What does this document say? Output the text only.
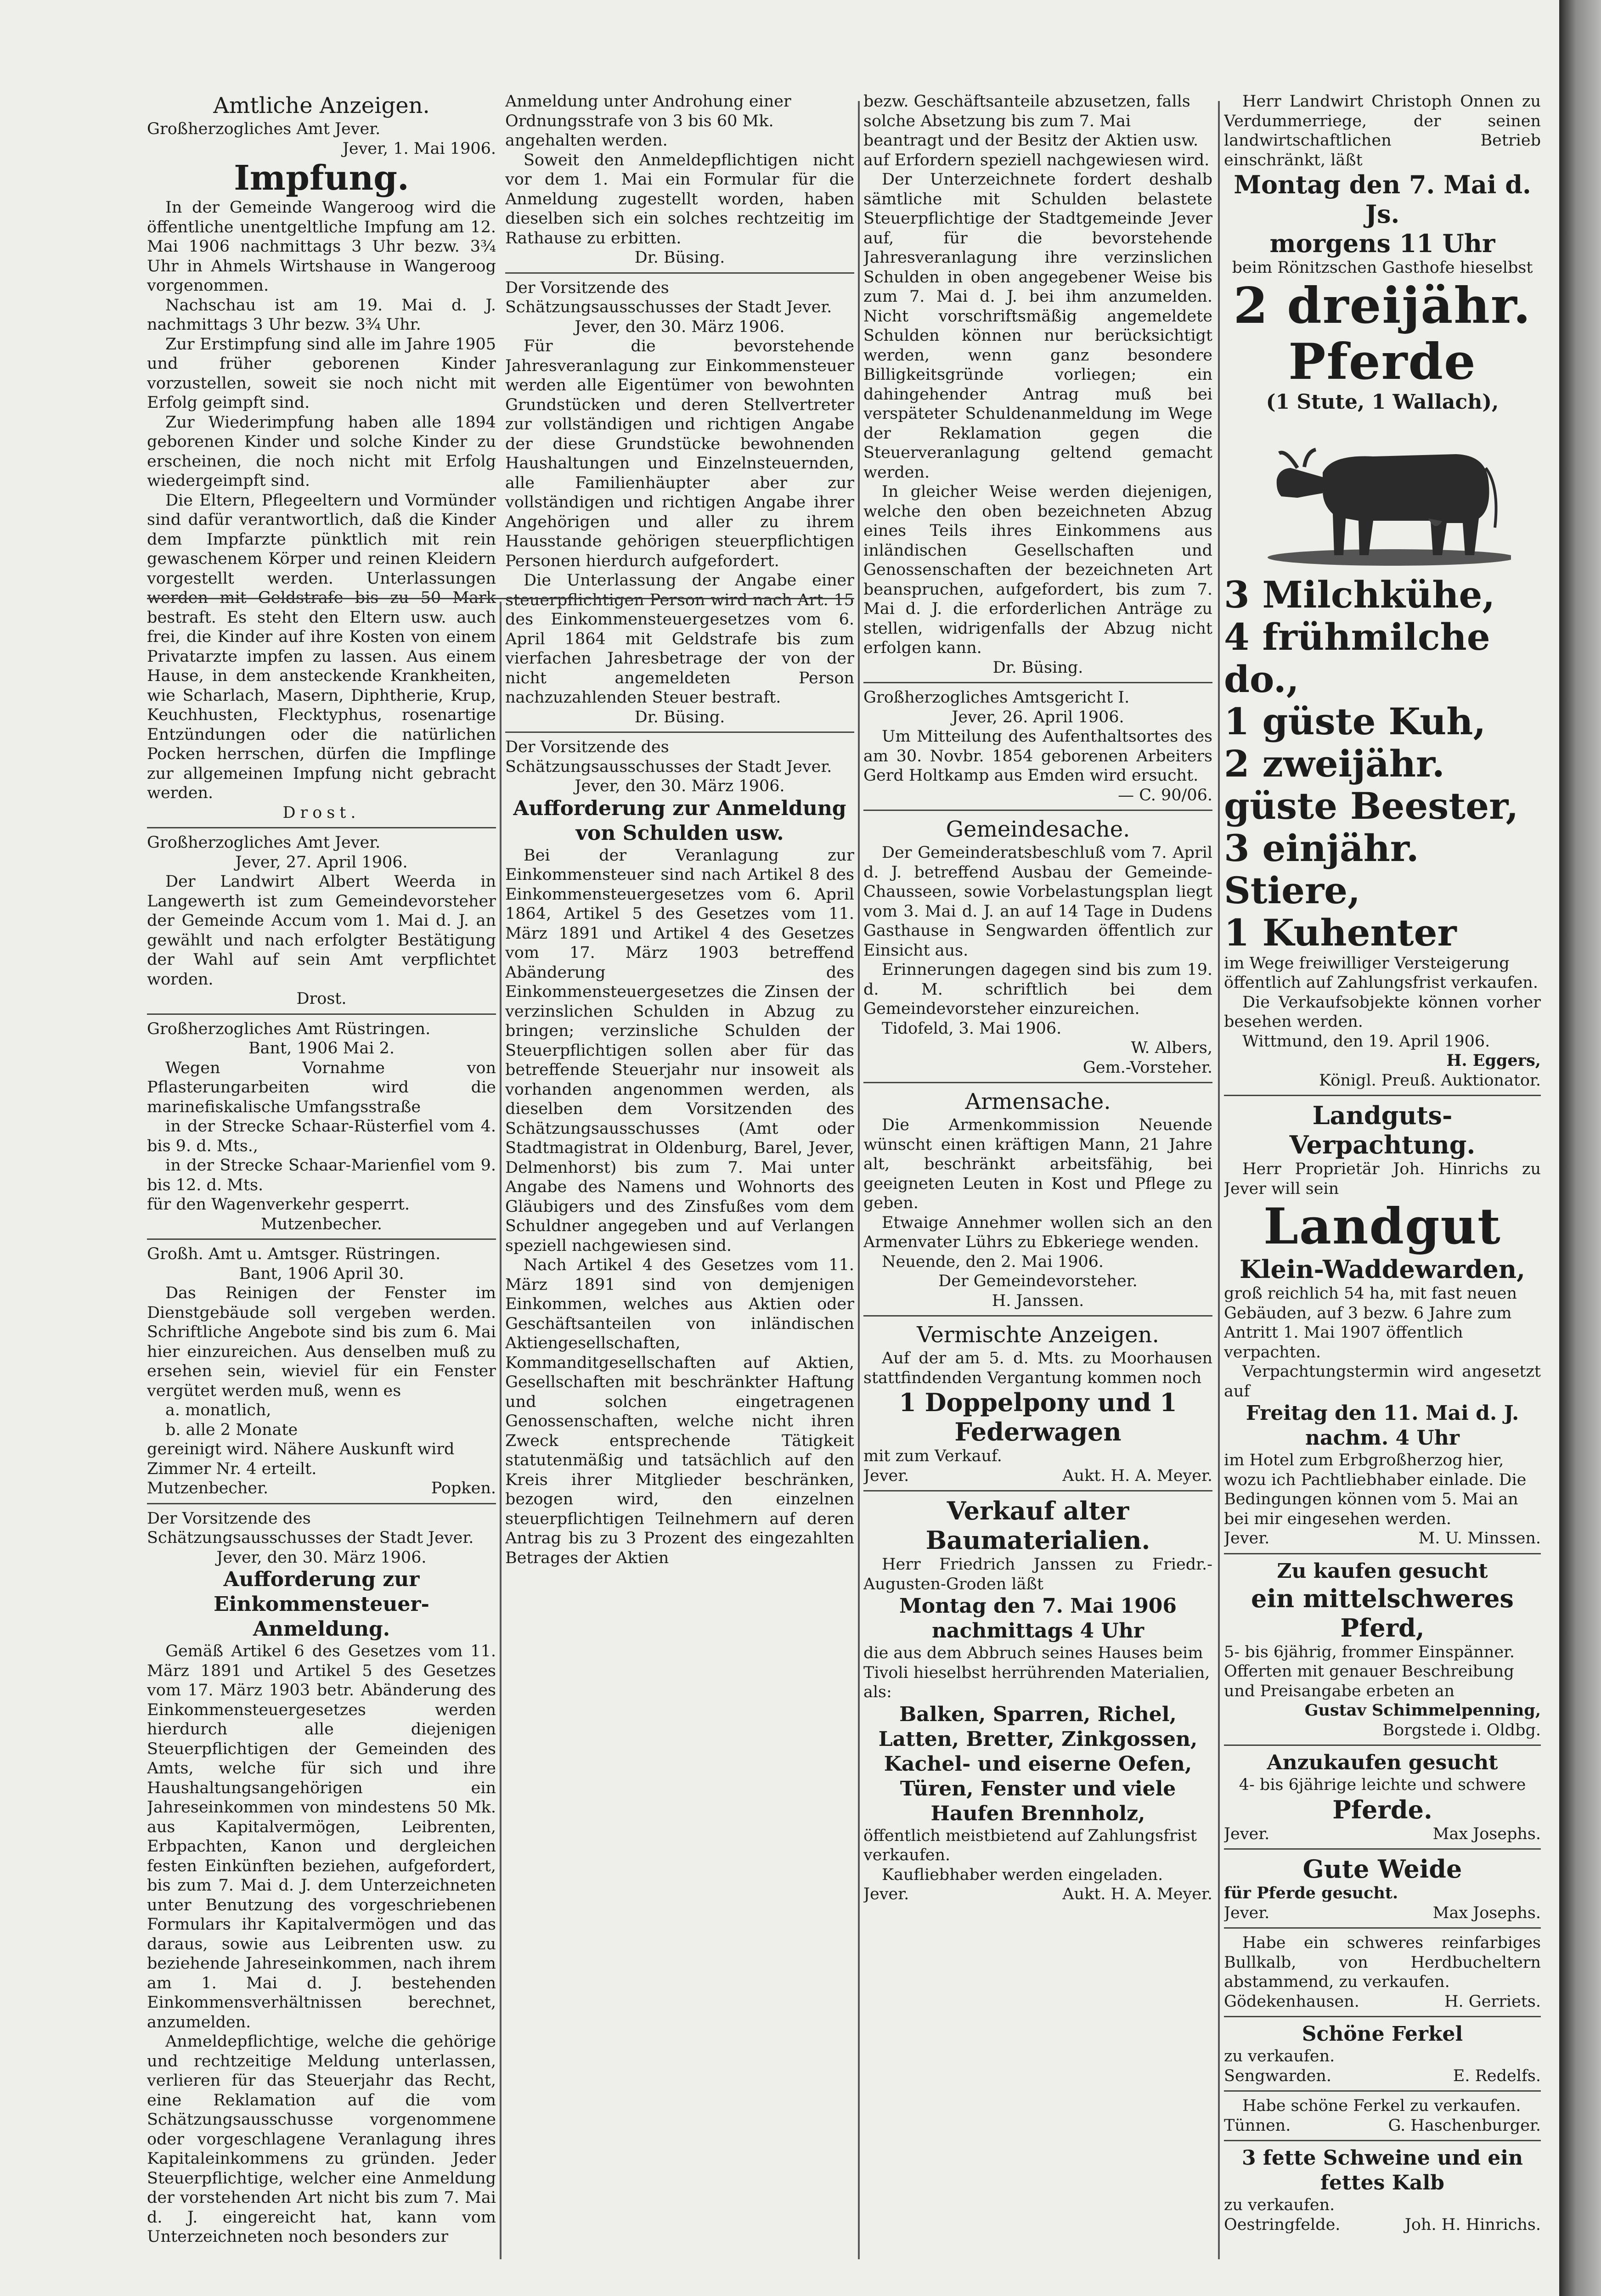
Amtliche Anzeigen.

Großherzogliches Amt Jever.

Jever, 1. Mai 1906.

Impfung.

In der Gemeinde Wangeroog wird die öffentliche unentgeltliche Impfung am 12. Mai 1906 nachmittags 3 Uhr bezw. 3¾ Uhr in Ahmels Wirtshause in Wangeroog vorgenommen.

Nachschau ist am 19. Mai d. J. nachmittags 3 Uhr bezw. 3¾ Uhr.

Zur Erstimpfung sind alle im Jahre 1905 und früher geborenen Kinder vorzustellen, soweit sie noch nicht mit Erfolg geimpft sind.

Zur Wiederimpfung haben alle 1894 geborenen Kinder und solche Kinder zu erscheinen, die noch nicht mit Erfolg wiedergeimpft sind.

Die Eltern, Pflegeeltern und Vormünder sind dafür verantwortlich, daß die Kinder dem Impfarzte pünktlich mit rein gewaschenem Körper und reinen Kleidern vorgestellt werden. Unterlassungen werden mit Geldstrafe bis zu 50 Mark bestraft. Es steht den Eltern usw. auch frei, die Kinder auf ihre Kosten von einem Privatarzte impfen zu lassen. Aus einem Hause, in dem ansteckende Krankheiten, wie Scharlach, Masern, Diphtherie, Krup, Keuchhusten, Flecktyphus, rosenartige Entzündungen oder die natürlichen Pocken herrschen, dürfen die Impflinge zur allgemeinen Impfung nicht gebracht werden.

Drost.

Großherzogliches Amt Jever.

Jever, 27. April 1906.

Der Landwirt Albert Weerda in Langewerth ist zum Gemeindevorsteher der Gemeinde Accum vom 1. Mai d. J. an gewählt und nach erfolgter Bestätigung der Wahl auf sein Amt verpflichtet worden.

Drost.

Großherzogliches Amt Rüstringen.

Bant, 1906 Mai 2.

Wegen Vornahme von Pflasterungarbeiten wird die marinefiskalische Umfangsstraße

in der Strecke Schaar-Rüsterfiel vom 4. bis 9. d. Mts.,

in der Strecke Schaar-Marienfiel vom 9. bis 12. d. Mts.

für den Wagenverkehr gesperrt.

Mutzenbecher.

Großh. Amt u. Amtsger. Rüstringen.

Bant, 1906 April 30.

Das Reinigen der Fenster im Dienstgebäude soll vergeben werden. Schriftliche Angebote sind bis zum 6. Mai hier einzureichen. Aus denselben muß zu ersehen sein, wieviel für ein Fenster vergütet werden muß, wenn es

a. monatlich,

b. alle 2 Monate

gereinigt wird. Nähere Auskunft wird Zimmer Nr. 4 erteilt.

Mutzenbecher.	Popken.

Der Vorsitzende des Schätzungsausschusses der Stadt Jever.

Jever, den 30. März 1906.

Aufforderung zur Einkommensteuer-Anmeldung.

Gemäß Artikel 6 des Gesetzes vom 11. März 1891 und Artikel 5 des Gesetzes vom 17. März 1903 betr. Abänderung des Einkommensteuergesetzes werden hierdurch alle diejenigen Steuerpflichtigen der Gemeinden des Amts, welche für sich und ihre Haushaltungsangehörigen ein Jahreseinkommen von mindestens 50 Mk. aus Kapitalvermögen, Leibrenten, Erbpachten, Kanon und dergleichen festen Einkünften beziehen, aufgefordert, bis zum 7. Mai d. J. dem Unterzeichneten unter Benutzung des vorgeschriebenen Formulars ihr Kapitalvermögen und das daraus, sowie aus Leibrenten usw. zu beziehende Jahreseinkommen, nach ihrem am 1. Mai d. J. bestehenden Einkommensverhältnissen berechnet, anzumelden.

Anmeldepflichtige, welche die gehörige und rechtzeitige Meldung unterlassen, verlieren für das Steuerjahr das Recht, eine Reklamation auf die vom Schätzungsausschusse vorgenommene oder vorgeschlagene Veranlagung ihres Kapitaleinkommens zu gründen. Jeder Steuerpflichtige, welcher eine Anmeldung der vorstehenden Art nicht bis zum 7. Mai d. J. eingereicht hat, kann vom Unterzeichneten noch besonders zur

Anmeldung unter Androhung einer Ordnungsstrafe von 3 bis 60 Mk. angehalten werden.

Soweit den Anmeldepflichtigen nicht vor dem 1. Mai ein Formular für die Anmeldung zugestellt worden, haben dieselben sich ein solches rechtzeitig im Rathause zu erbitten.

Dr. Büsing.

Der Vorsitzende des Schätzungsausschusses der Stadt Jever.

Jever, den 30. März 1906.

Für die bevorstehende Jahresveranlagung zur Einkommensteuer werden alle Eigentümer von bewohnten Grundstücken und deren Stellvertreter zur vollständigen und richtigen Angabe der diese Grundstücke bewohnenden Haushaltungen und Einzelnsteuernden, alle Familienhäupter aber zur vollständigen und richtigen Angabe ihrer Angehörigen und aller zu ihrem Hausstande gehörigen steuerpflichtigen Personen hierdurch aufgefordert.

Die Unterlassung der Angabe einer steuerpflichtigen Person wird nach Art. 15 des Einkommensteuergesetzes vom 6. April 1864 mit Geldstrafe bis zum vierfachen Jahresbetrage der von der nicht angemeldeten Person nachzuzahlenden Steuer bestraft.

Dr. Büsing.

Der Vorsitzende des Schätzungsausschusses der Stadt Jever.

Jever, den 30. März 1906.

Aufforderung zur Anmeldung von Schulden usw.

Bei der Veranlagung zur Einkommensteuer sind nach Artikel 8 des Einkommensteuergesetzes vom 6. April 1864, Artikel 5 des Gesetzes vom 11. März 1891 und Artikel 4 des Gesetzes vom 17. März 1903 betreffend Abänderung des Einkommensteuergesetzes die Zinsen der verzinslichen Schulden in Abzug zu bringen; verzinsliche Schulden der Steuerpflichtigen sollen aber für das betreffende Steuerjahr nur insoweit als vorhanden angenommen werden, als dieselben dem Vorsitzenden des Schätzungsausschusses (Amt oder Stadtmagistrat in Oldenburg, Barel, Jever, Delmenhorst) bis zum 7. Mai unter Angabe des Namens und Wohnorts des Gläubigers und des Zinsfußes vom dem Schuldner angegeben und auf Verlangen speziell nachgewiesen sind.

Nach Artikel 4 des Gesetzes vom 11. März 1891 sind von demjenigen Einkommen, welches aus Aktien oder Geschäftsanteilen von inländischen Aktiengesellschaften, Kommanditgesellschaften auf Aktien, Gesellschaften mit beschränkter Haftung und solchen eingetragenen Genossenschaften, welche nicht ihren Zweck entsprechende Tätigkeit statutenmäßig und tatsächlich auf den Kreis ihrer Mitglieder beschränken, bezogen wird, den einzelnen steuerpflichtigen Teilnehmern auf deren Antrag bis zu 3 Prozent des eingezahlten Betrages der Aktien

bezw. Geschäftsanteile abzusetzen, falls solche Absetzung bis zum 7. Mai beantragt und der Besitz der Aktien usw. auf Erfordern speziell nachgewiesen wird.

Der Unterzeichnete fordert deshalb sämtliche mit Schulden belastete Steuerpflichtige der Stadtgemeinde Jever auf, für die bevorstehende Jahresveranlagung ihre verzinslichen Schulden in oben angegebener Weise bis zum 7. Mai d. J. bei ihm anzumelden. Nicht vorschriftsmäßig angemeldete Schulden können nur berücksichtigt werden, wenn ganz besondere Billigkeitsgründe vorliegen; ein dahingehender Antrag muß bei verspäteter Schuldenanmeldung im Wege der Reklamation gegen die Steuerveranlagung geltend gemacht werden.

In gleicher Weise werden diejenigen, welche den oben bezeichneten Abzug eines Teils ihres Einkommens aus inländischen Gesellschaften und Genossenschaften der bezeichneten Art beanspruchen, aufgefordert, bis zum 7. Mai d. J. die erforderlichen Anträge zu stellen, widrigenfalls der Abzug nicht erfolgen kann.

Dr. Büsing.

Großherzogliches Amtsgericht I.

Jever, 26. April 1906.

Um Mitteilung des Aufenthaltsortes des am 30. Novbr. 1854 geborenen Arbeiters Gerd Holtkamp aus Emden wird ersucht.

— C. 90/06.

Gemeindesache.

Der Gemeinderatsbeschluß vom 7. April d. J. betreffend Ausbau der Gemeinde-Chausseen, sowie Vorbelastungsplan liegt vom 3. Mai d. J. an auf 14 Tage in Dudens Gasthause in Sengwarden öffentlich zur Einsicht aus.

Erinnerungen dagegen sind bis zum 19. d. M. schriftlich bei dem Gemeindevorsteher einzureichen.

Tidofeld, 3. Mai 1906.

W. Albers,

Gem.-Vorsteher.

Armensache.

Die Armenkommission Neuende wünscht einen kräftigen Mann, 21 Jahre alt, beschränkt arbeitsfähig, bei geeigneten Leuten in Kost und Pflege zu geben.

Etwaige Annehmer wollen sich an den Armenvater Lührs zu Ebkeriege wenden.

Neuende, den 2. Mai 1906.

Der Gemeindevorsteher.

H. Janssen.

Vermischte Anzeigen.

Auf der am 5. d. Mts. zu Moorhausen stattfindenden Vergantung kommen noch

1 Doppelpony und 1 Federwagen

mit zum Verkauf.

Jever.	Aukt. H. A. Meyer.

Verkauf alter Baumaterialien.

Herr Friedrich Janssen zu Friedr.-Augusten-Groden läßt

Montag den 7. Mai 1906 nachmittags 4 Uhr

die aus dem Abbruch seines Hauses beim Tivoli hieselbst herrührenden Materialien, als:

Balken, Sparren, Richel, Latten, Bretter, Zinkgossen, Kachel- und eiserne Oefen, Türen, Fenster und viele Haufen Brennholz,

öffentlich meistbietend auf Zahlungsfrist verkaufen.

Kaufliebhaber werden eingeladen.

Jever.	Aukt. H. A. Meyer.

Herr Landwirt Christoph Onnen zu Verdummerriege, der seinen landwirtschaftlichen Betrieb einschränkt, läßt

Montag den 7. Mai d. Js.

morgens 11 Uhr

beim Rönitzschen Gasthofe hieselbst

2 dreijähr. Pferde

(1 Stute, 1 Wallach),

3 Milchkühe,

4 frühmilche do.,

1 güste Kuh,

2 zweijähr. güste Beester,

3 einjähr. Stiere,

1 Kuhenter

im Wege freiwilliger Versteigerung öffentlich auf Zahlungsfrist verkaufen.

Die Verkaufsobjekte können vorher besehen werden.

Wittmund, den 19. April 1906.

H. Eggers,

Königl. Preuß. Auktionator.

Landguts-Verpachtung.

Herr Proprietär Joh. Hinrichs zu Jever will sein

Landgut

Klein-Waddewarden,

groß reichlich 54 ha, mit fast neuen Gebäuden, auf 3 bezw. 6 Jahre zum Antritt 1. Mai 1907 öffentlich verpachten.

Verpachtungstermin wird angesetzt auf

Freitag den 11. Mai d. J. nachm. 4 Uhr

im Hotel zum Erbgroßherzog hier, wozu ich Pachtliebhaber einlade. Die Bedingungen können vom 5. Mai an bei mir eingesehen werden.

Jever.	M. U. Minssen.

Zu kaufen gesucht

ein mittelschweres Pferd,

5- bis 6jährig, frommer Einspänner. Offerten mit genauer Beschreibung und Preisangabe erbeten an

Gustav Schimmelpenning,

Borgstede i. Oldbg.

Anzukaufen gesucht

4- bis 6jährige leichte und schwere

Pferde.

Jever.	Max Josephs.

Gute Weide

für Pferde gesucht.

Jever.	Max Josephs.

Habe ein schweres reinfarbiges Bullkalb, von Herdbucheltern abstammend, zu verkaufen.

Gödekenhausen.	H. Gerriets.

Schöne Ferkel

zu verkaufen.

Sengwarden.	E. Redelfs.

Habe schöne Ferkel zu verkaufen.

Tünnen.	G. Haschenburger.

3 fette Schweine und ein fettes Kalb

zu verkaufen.

Oestringfelde.	Joh. H. Hinrichs.
